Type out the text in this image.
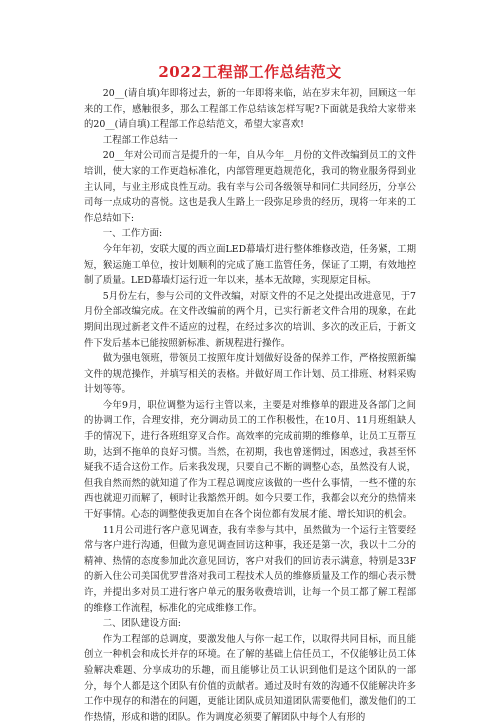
2022工程部工作总结范文

20__(请自填)年即将过去，新的一年即将来临，站在岁末年初，回顾这一年来的工作，感触很多，那么工程部工作总结该怎样写呢?下面就是我给大家带来的20__(请自填)工程部工作总结范文，希望大家喜欢!

工程部工作总结一

20__年对公司而言是提升的一年，自从今年__月份的文件改编到员工的文件培训，使大家的工作更趋标准化，内部管理更趋规范化，我司的物业服务得到业主认同，与业主形成良性互动。我有幸与公司各级领导和同仁共同经历，分享公司每一点成功的喜悦。这也是我人生路上一段弥足珍贵的经历，现将一年来的工作总结如下:

一、工作方面:

今年年初，安联大厦的西立面LED幕墙灯进行整体维修改造，任务紧，工期短，猴运施工单位，按计划顺利的完成了施工监管任务，保证了工期，有效地控制了质量。LED幕墙灯运行近一年以来，基本无故障，实现原定目标。

5月份左右，参与公司的文件改编，对原文件的不足之处提出改进意见，于7月份全部改编完成。在文件改编前的两个月，已实行新老文件合用的现象，在此期间出现过新老文件不适应的过程，在经过多次的培训、多次的改正后，于新文件下发后基本已能按照新标准、新规程进行操作。

做为强电领班，带领员工按照年度计划做好设备的保养工作，严格按照新编文件的规范操作，并填写相关的表格。并做好周工作计划、员工排班、材料采购计划等等。

今年9月，职位调整为运行主管以来，主要是对维修单的跟进及各部门之间的协调工作，合理安排，充分调动员工的工作积极性，在10月、11月班组缺人手的情况下，进行各班组穿叉合作。高效率的完成前期的维修单，让员工互帮互助，达到不拖单的良好习惯。当然，在初期，我也曾迷惘过，困惑过，我甚至怀疑我不适合这份工作。后来我发现，只要自己不断的调整心态，虽然没有人说，但我自然而然的就知道了作为工程总调度应该做的一些什么事情，一些不懂的东西也就迎刃而解了，顿时让我豁然开朗。如今只要工作，我都会以充分的热情来干好事情。心态的调整使我更加自在各个岗位都有发展才能、增长知识的机会。

11月公司进行客户意见调查，我有幸参与其中，虽然做为一个运行主管要经常与客户进行沟通，但做为意见调查回访这种事，我还是第一次，我以十二分的精神、热情的态度参加此次意见回访，客户对我们的回访表示满意，特别是33F的新入住公司美国优罗普洛对我司工程技术人员的维修质量及工作的细心表示赞许，并提出多对员工进行客户单元的服务收费培训，让每一个员工都了解工程部的维修工作流程，标准化的完成维修工作。

二、团队建设方面:

作为工程部的总调度，要激发他人与你一起工作，以取得共同目标，而且能创立一种机会和成长并存的环境。在了解的基础上信任员工，不仅能够让员工体验解决难题、分享成功的乐趣，而且能够让员工认识到他们是这个团队的一部分，每个人都是这个团队有价值的贡献者。通过及时有效的沟通不仅能解决许多工作中现存的和潜在的问题，更能让团队成员知道团队需要他们，激发他们的工作热情，形成和谐的团队。作为调度必须要了解团队中每个人有形的
